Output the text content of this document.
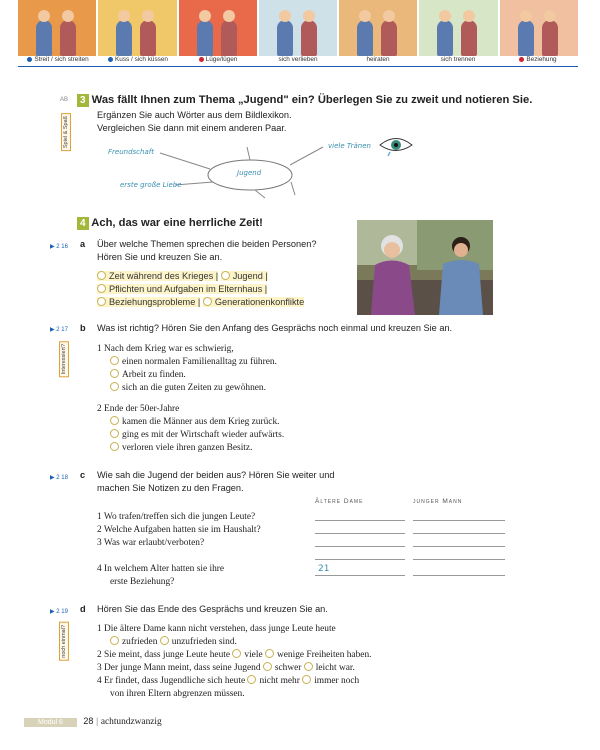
Streit / sich streiten	Kuss / sich küssen	Lüge/lügen	sich verlieben	heiraten	sich trennen	Beziehung
AB
Spiel & Spaß
3 Was fällt Ihnen zum Thema „Jugend" ein? Überlegen Sie zu zweit und notieren Sie.
Ergänzen Sie auch Wörter aus dem Bildlexikon.
Vergleichen Sie dann mit einem anderen Paar.
Jugend
Freundschaft
viele Tränen
erste große Liebe
4 Ach, das war eine herrliche Zeit!
▶ 2 16 a Über welche Themen sprechen die beiden Personen?
Hören Sie und kreuzen Sie an.
Zeit während des Krieges | Jugend |
Pflichten und Aufgaben im Elternhaus |
Beziehungsprobleme | Generationenkonflikte
▶ 2 17
Interessiert?
b Was ist richtig? Hören Sie den Anfang des Gesprächs noch einmal und kreuzen Sie an.
1 Nach dem Krieg war es schwierig,
einen normalen Familienalltag zu führen.
Arbeit zu finden.
sich an die guten Zeiten zu gewöhnen.
2 Ende der 50er-Jahre
kamen die Männer aus dem Krieg zurück.
ging es mit der Wirtschaft wieder aufwärts.
verloren viele ihren ganzen Besitz.
▶ 2 18 c Wie sah die Jugend der beiden aus? Hören Sie weiter und
machen Sie Notizen zu den Fragen.
Ältere Dame	junger Mann
1 Wo trafen/treffen sich die jungen Leute?
2 Welche Aufgaben hatten sie im Haushalt?
3 Was war erlaubt/verboten?
4 In welchem Alter hatten sie ihre
erste Beziehung?
21
▶ 2 19
noch einmal?
d Hören Sie das Ende des Gesprächs und kreuzen Sie an.
1 Die ältere Dame kann nicht verstehen, dass junge Leute heute
zufrieden unzufrieden sind.
2 Sie meint, dass junge Leute heute viele wenige Freiheiten haben.
3 Der junge Mann meint, dass seine Jugend schwer leicht war.
4 Er findet, dass Jugendliche sich heute nicht mehr immer noch
von ihren Eltern abgrenzen müssen.
Modul 6 28 | achtundzwanzig
